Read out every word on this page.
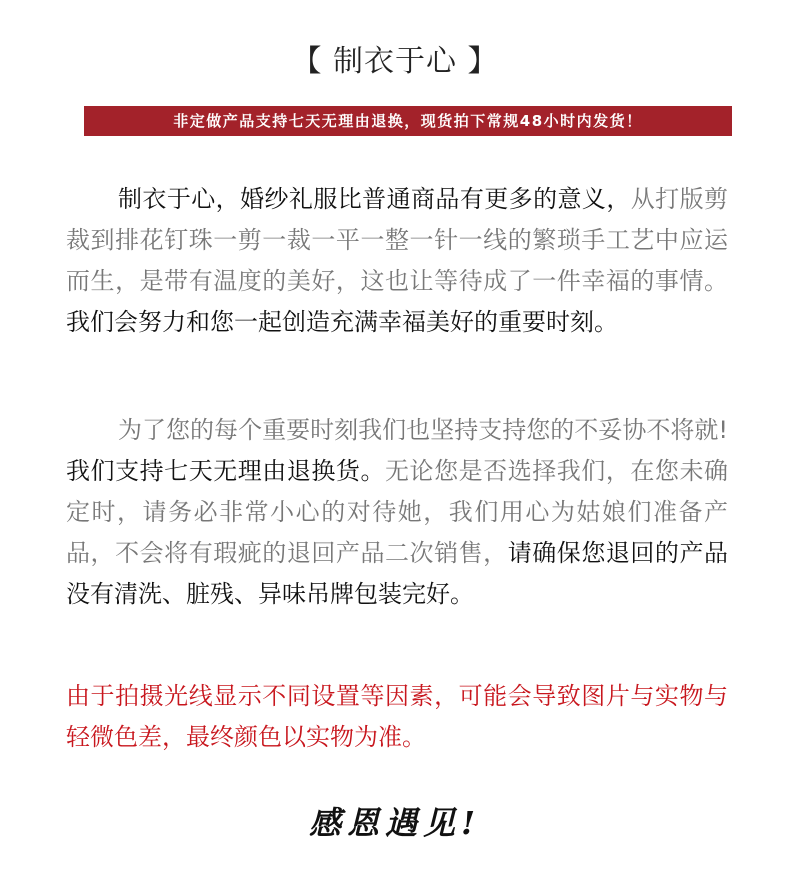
【 制衣于心 】
非定做产品支持七天无理由退换，现货拍下常规48小时内发货！

制衣于心，婚纱礼服比普通商品有更多的意义，从打版剪裁到排花钉珠一剪一裁一平一整一针一线的繁琐手工艺中应运而生，是带有温度的美好，这也让等待成了一件幸福的事情。我们会努力和您一起创造充满幸福美好的重要时刻。

为了您的每个重要时刻我们也坚持支持您的不妥协不将就!我们支持七天无理由退换货。无论您是否选择我们，在您未确定时，请务必非常小心的对待她，我们用心为姑娘们准备产品，不会将有瑕疵的退回产品二次销售，请确保您退回的产品没有清洗、脏残、异味吊牌包装完好。

由于拍摄光线显示不同设置等因素，可能会导致图片与实物与轻微色差，最终颜色以实物为准。

感恩遇见!
